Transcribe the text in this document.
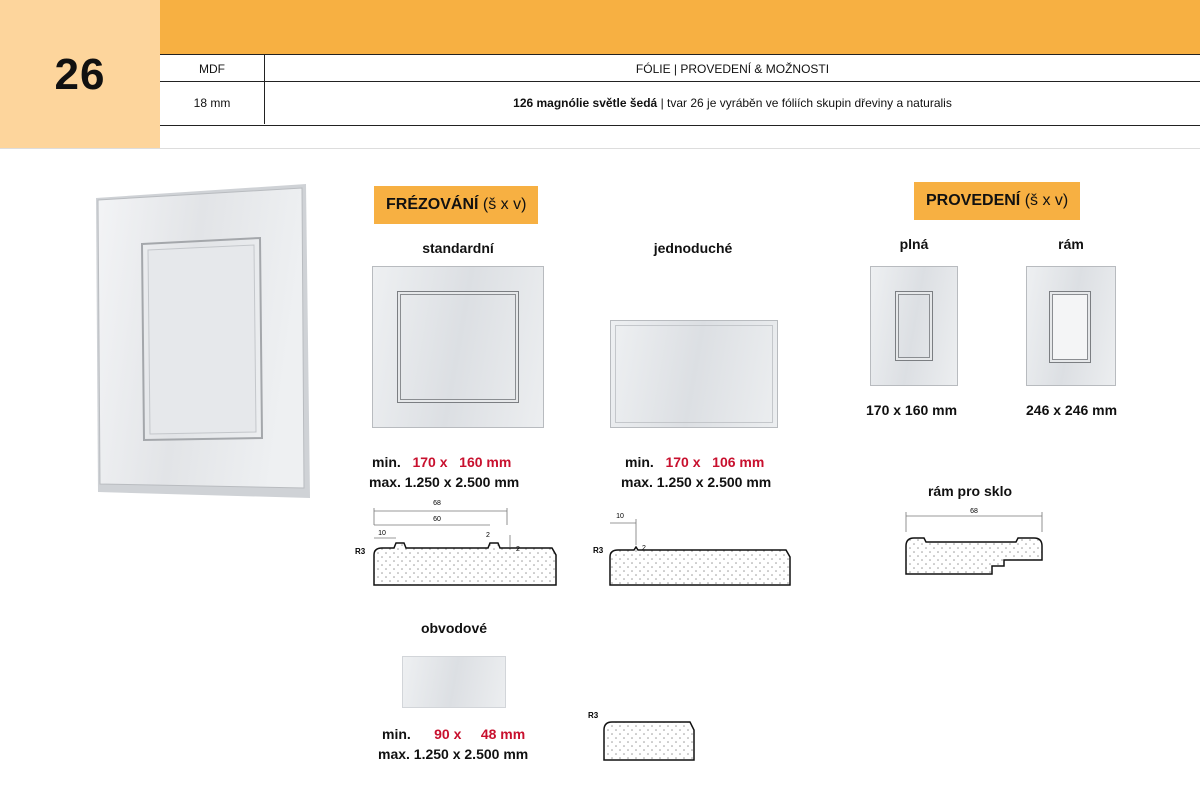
26	MDF	FÓLIE | PROVEDENÍ & MOŽNOSTI
18 mm	126 magnólie světle šedá | tvar 26 je vyráběn ve fóliích skupin dřeviny a naturalis
FRÉZOVÁNÍ (š x v)	PROVEDENÍ (š x v)
standardní
min. 170 x 160 mm
max. 1.250 x 2.500 mm
68
60
10	2
2
R3
jednoduché
min. 170 x 106 mm
max. 1.250 x 2.500 mm
10
2
R3
obvodové
min. 90 x 48 mm
max. 1.250 x 2.500 mm
R3
plná
170 x 160 mm
rám
246 x 246 mm
rám pro sklo
68
